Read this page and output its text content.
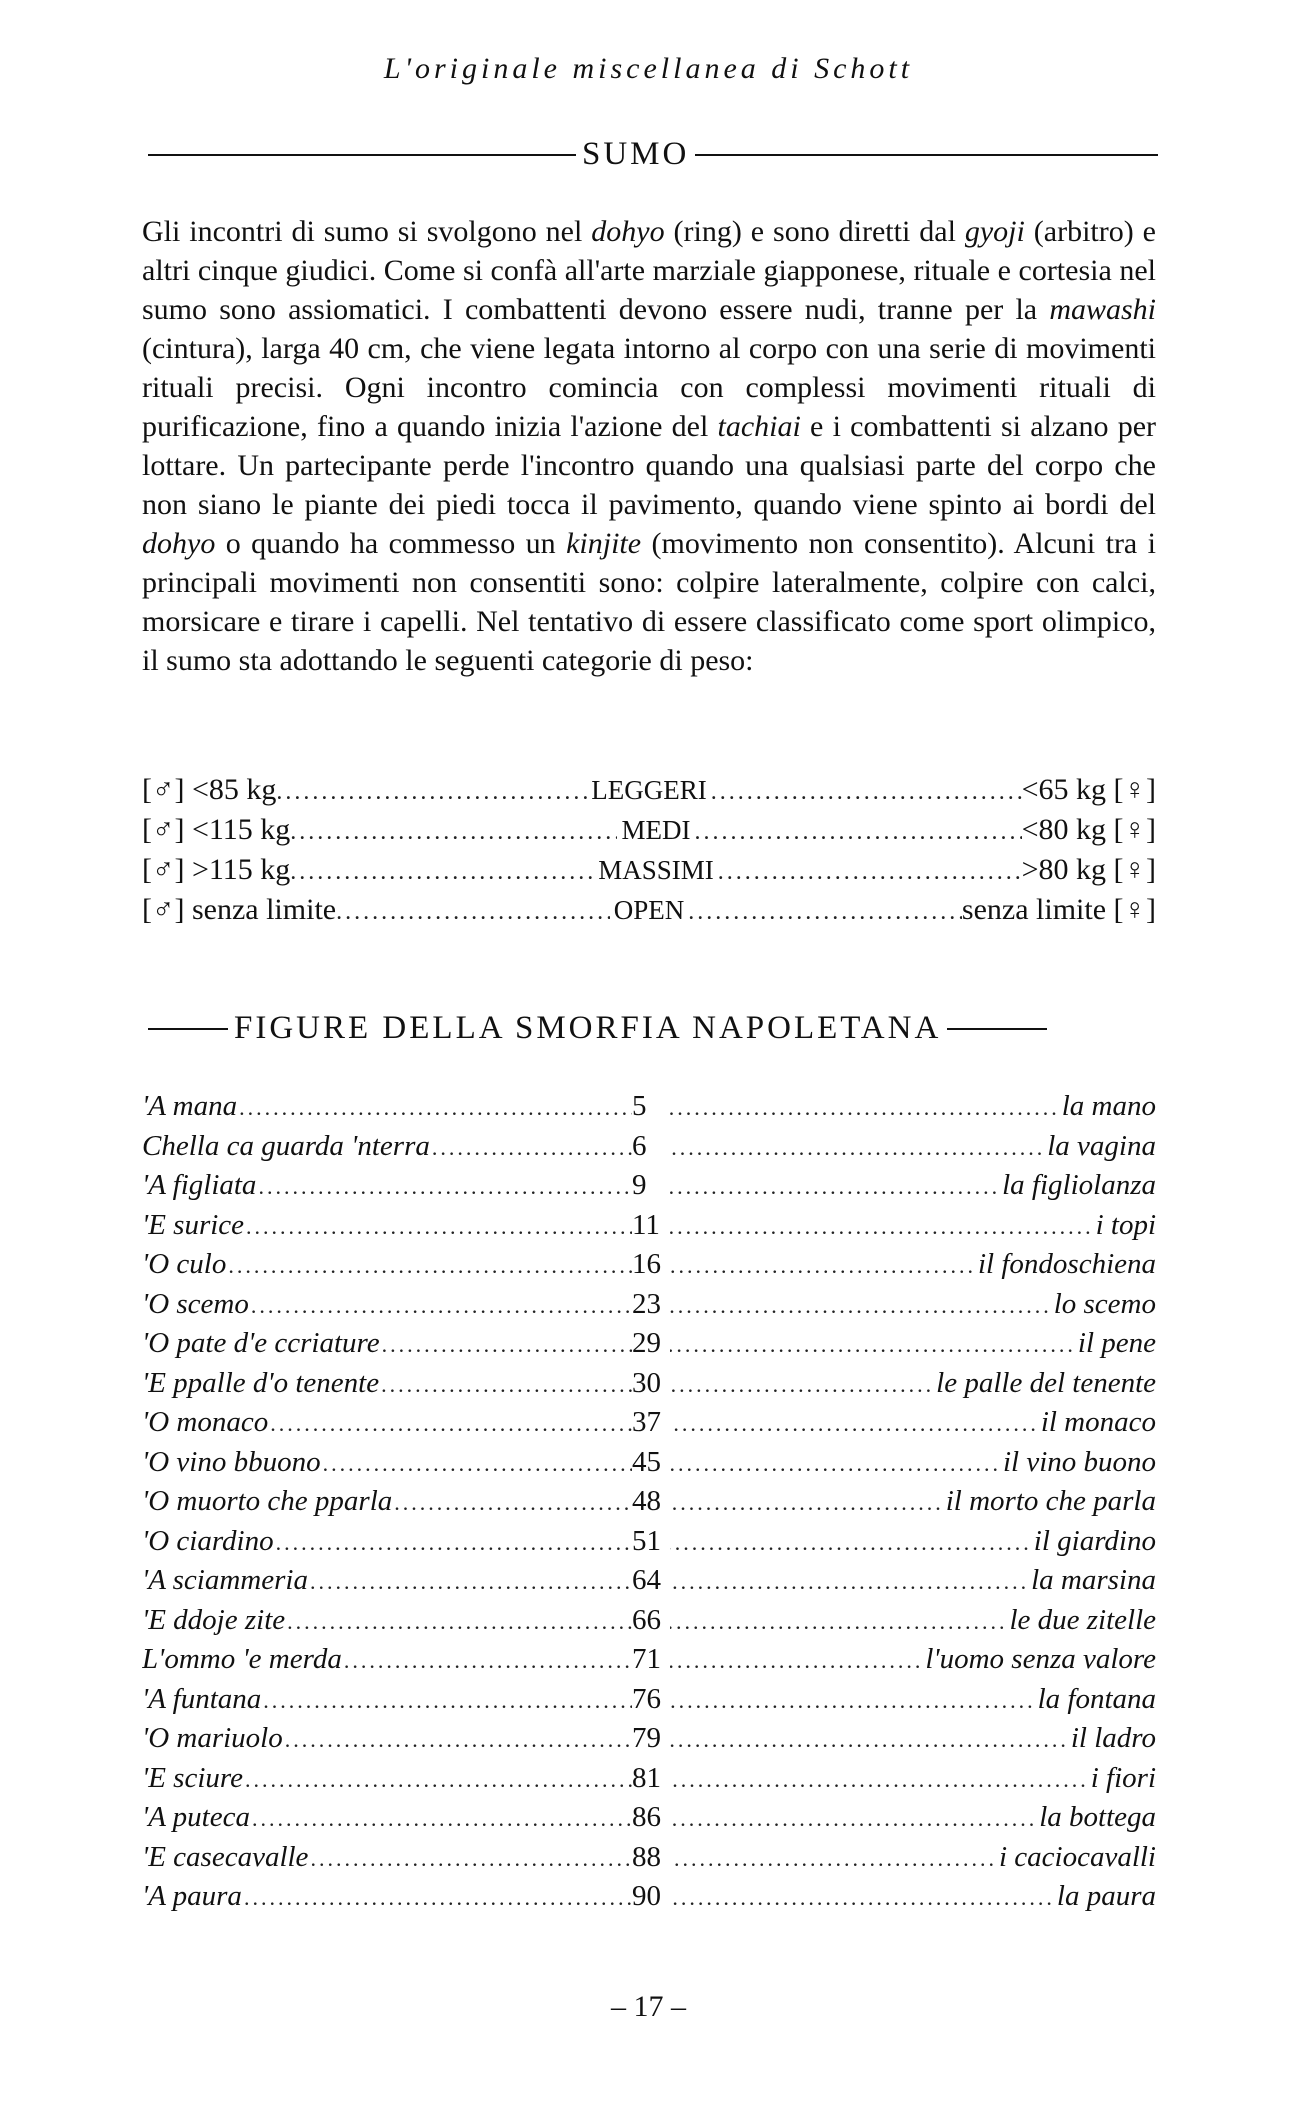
L'originale miscellanea di Schott
SUMO

Gli incontri di sumo si svolgono nel dohyo (ring) e sono diretti dal gyoji (arbitro) e altri cinque giudici. Come si confà all'arte marziale giapponese, rituale e cortesia nel sumo sono assiomatici. I combattenti devono essere nudi, tranne per la mawashi (cintura), larga 40 cm, che viene legata intorno al corpo con una serie di movimenti rituali precisi. Ogni incontro comincia con complessi movimenti rituali di purificazione, fino a quando inizia l'azione del tachiai e i combattenti si alzano per lottare. Un partecipante perde l'incontro quando una qualsiasi parte del corpo che non siano le piante dei piedi tocca il pavimento, quando viene spinto ai bordi del dohyo o quando ha commesso un kinjite (movimento non consentito). Alcuni tra i principali movimenti non consentiti sono: colpire lateralmente, colpire con calci, morsicare e tirare i capelli. Nel tentativo di essere classificato come sport olimpico, il sumo sta adottando le seguenti categorie di peso:

[♂] <85 kg .....	LEGGERI .....	<65 kg [♀]
[♂] <115 kg .....	MEDI .....	<80 kg [♀]
[♂] >115 kg .....	MASSIMI .....	>80 kg [♀]
[♂] senza limite .....	OPEN .....	senza limite [♀]
FIGURE DELLA SMORFIA NAPOLETANA
'A mana .....	5 .....	la mano
Chella ca guarda 'nterra .....	6 .....	la vagina
'A figliata .....	9 .....	la figliolanza
'E surice .....	11 .....	i topi
'O culo .....	16 .....	il fondoschiena
'O scemo .....	23 .....	lo scemo
'O pate d'e ccriature .....	29 .....	il pene
'E ppalle d'o tenente .....	30 .....	le palle del tenente
'O monaco .....	37 .....	il monaco
'O vino bbuono .....	45 .....	il vino buono
'O muorto che pparla .....	48 .....	il morto che parla
'O ciardino .....	51 .....	il giardino
'A sciammeria .....	64 .....	la marsina
'E ddoje zite .....	66 .....	le due zitelle
L'ommo 'e merda .....	71 .....	l'uomo senza valore
'A funtana .....	76 .....	la fontana
'O mariuolo .....	79 .....	il ladro
'E sciure .....	81 .....	i fiori
'A puteca .....	86 .....	la bottega
'E casecavalle .....	88 .....	i caciocavalli
'A paura .....	90 .....	la paura
– 17 –
